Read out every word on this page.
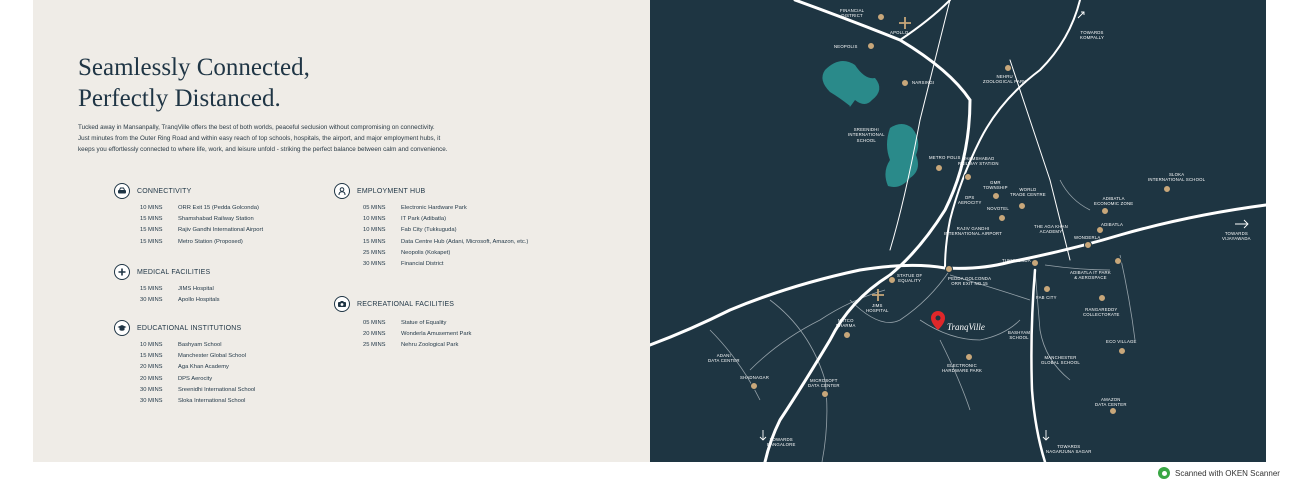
Seamlessly Connected,
Perfectly Distanced.

Tucked away in Mansanpally, TranqVille offers the best of both worlds, peaceful seclusion without compromising on connectivity.
Just minutes from the Outer Ring Road and within easy reach of top schools, hospitals, the airport, and major employment hubs, it
keeps you effortlessly connected to where life, work, and leisure unfold - striking the perfect balance between calm and convenience.

CONNECTIVITY
10 MINS	ORR Exit 15 (Pedda Golconda)
15 MINS	Shamshabad Railway Station
15 MINS	Rajiv Gandhi International Airport
15 MINS	Metro Station (Proposed)
MEDICAL FACILITIES
15 MINS	JIMS Hospital
30 MINS	Apollo Hospitals
EDUCATIONAL INSTITUTIONS
10 MINS	Bashyam School
15 MINS	Manchester Global School
20 MINS	Aga Khan Academy
20 MINS	DPS Aerocity
30 MINS	Sreenidhi International School
30 MINS	Sloka International School
EMPLOYMENT HUB
05 MINS	Electronic Hardware Park
10 MINS	IT Park (Adibatla)
10 MINS	Fab City (Tukkuguda)
15 MINS	Data Centre Hub (Adani, Microsoft, Amazon, etc.)
25 MINS	Neopolis (Kokapet)
30 MINS	Financial District
RECREATIONAL FACILITIES
05 MINS	Statue of Equality
20 MINS	Wonderla Amusement Park
25 MINS	Nehru Zoological Park
FINANCIAL
DISTRICT
APOLLO
NEOPOLIS
NARSINGI
NEHRU
ZOOLOGICAL PARK
TOWARDS
KOMPALLY
SREENIDHI
INTERNATIONAL
SCHOOL
METRO POLIS SHAMSHABAD
RAILWAY STATION
GMR
TOWNSHIP	WORLD
TRADE CENTRE
DPS
AEROCITY
NOVOTEL
RAJIV GANDHI
INTERNATIONAL AIRPORT
THE AGA KHAN
ACADEMY
SLOKA
INTERNATIONAL SCHOOL
ADIBATLA
ECONOMIC ZONE
ADIBATLA
WONDERLA
TOWARDS
VIJAYAWADA
TUKKUGUDA
STATUE OF
EQUALITY	PEDDA GOLCONDA
ORR EXIT NO.15
ADIBATLA IT PARK
& AEROSPACE
FAB CITY
JIMS
HOSPITAL
NATCO
PHARMA
RANGAREDDY
COLLECTORATE
BASHYAM
SCHOOL
ECO VILLAGE
ADANI
DATA CENTER
SHADNAGAR
ELECTRONIC
HARDWARE PARK
MANCHESTER
GLOBAL SCHOOL
MICROSOFT
DATA CENTER
AMAZON
DATA CENTER
TOWARDS
BANGALORE	TOWARDS
NAGARJUNA SAGAR
TranqVille
Scanned with OKEN Scanner
